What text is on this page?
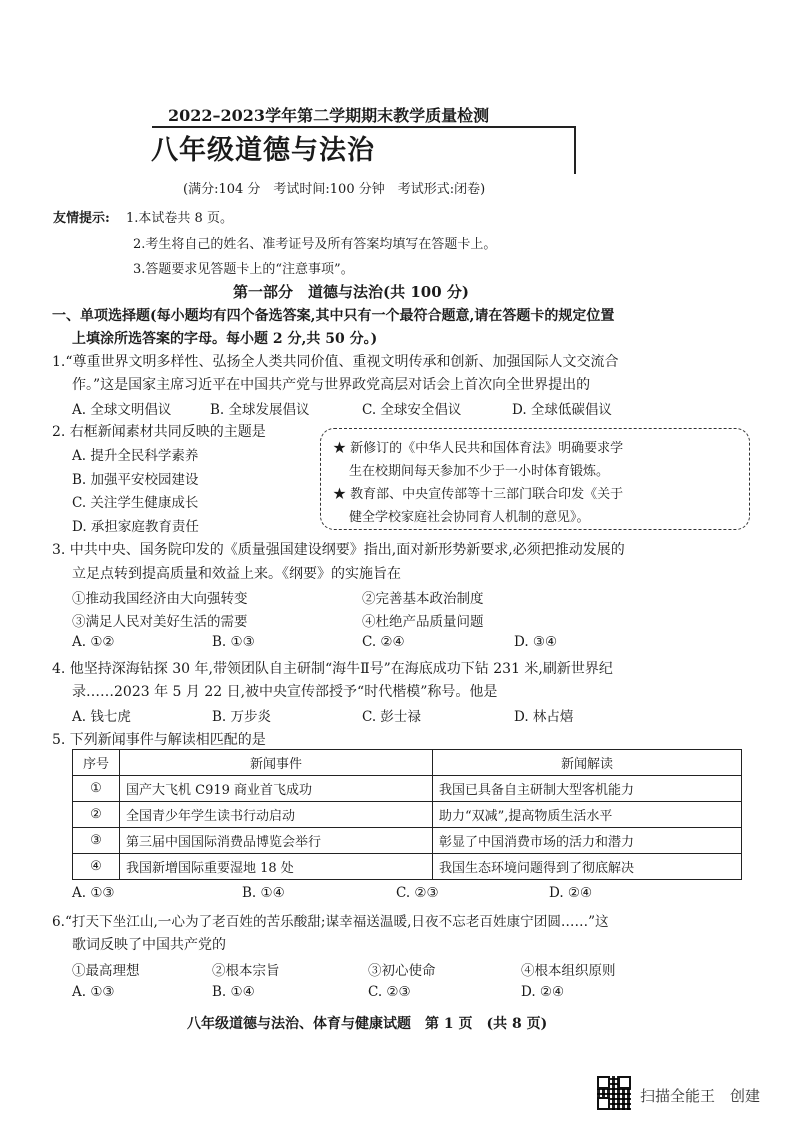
2022–2023学年第二学期期末教学质量检测
八年级道德与法治
(满分:104 分　考试时间:100 分钟　考试形式:闭卷)
友情提示: 1.本试卷共 8 页。
2.考生将自己的姓名、准考证号及所有答案均填写在答题卡上。
3.答题要求见答题卡上的“注意事项”。
第一部分　道德与法治(共 100 分)
一、单项选择题(每小题均有四个备选答案,其中只有一个最符合题意,请在答题卡的规定位置
上填涂所选答案的字母。每小题 2 分,共 50 分。)
1.“尊重世界文明多样性、弘扬全人类共同价值、重视文明传承和创新、加强国际人文交流合
作。”这是国家主席习近平在中国共产党与世界政党高层对话会上首次向全世界提出的
A. 全球文明倡议	B. 全球发展倡议	C. 全球安全倡议	D. 全球低碳倡议
2. 右框新闻素材共同反映的主题是
A. 提升全民科学素养
B. 加强平安校园建设
C. 关注学生健康成长
D. 承担家庭教育责任
★ 新修订的《中华人民共和国体育法》明确要求学
生在校期间每天参加不少于一小时体育锻炼。
★ 教育部、中央宣传部等十三部门联合印发《关于
健全学校家庭社会协同育人机制的意见》。
3. 中共中央、国务院印发的《质量强国建设纲要》指出,面对新形势新要求,必须把推动发展的
立足点转到提高质量和效益上来。《纲要》的实施旨在
①推动我国经济由大向强转变	②完善基本政治制度
③满足人民对美好生活的需要	④杜绝产品质量问题
A. ①②	B. ①③	C. ②④	D. ③④
4. 他坚持深海钻探 30 年,带领团队自主研制“海牛Ⅱ号”在海底成功下钻 231 米,刷新世界纪
录……2023 年 5 月 22 日,被中央宣传部授予“时代楷模”称号。他是
A. 钱七虎	B. 万步炎	C. 彭士禄	D. 林占熺
5. 下列新闻事件与解读相匹配的是
序号	新闻事件	新闻解读
①	国产大飞机 C919 商业首飞成功	我国已具备自主研制大型客机能力
②	全国青少年学生读书行动启动	助力“双减”,提高物质生活水平
③	第三届中国国际消费品博览会举行	彰显了中国消费市场的活力和潜力
④	我国新增国际重要湿地 18 处	我国生态环境问题得到了彻底解决
A. ①③	B. ①④	C. ②③	D. ②④
6.“打天下坐江山,一心为了老百姓的苦乐酸甜;谋幸福送温暖,日夜不忘老百姓康宁团圆……”这
歌词反映了中国共产党的
①最高理想	②根本宗旨	③初心使命	④根本组织原则
A. ①③	B. ①④	C. ②③	D. ②④
八年级道德与法治、体育与健康试题　第 1 页　(共 8 页)
扫描全能王　创建
